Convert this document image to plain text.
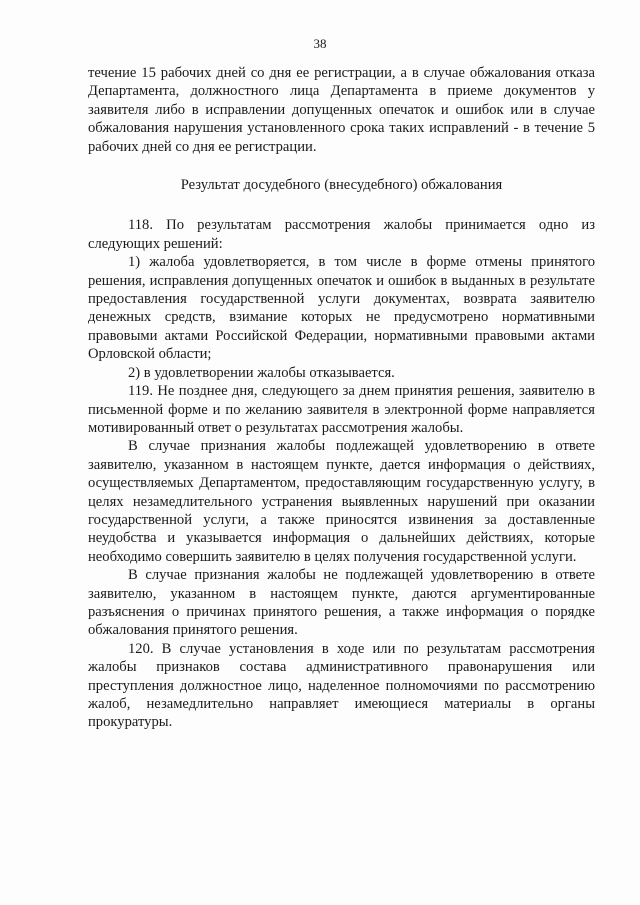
38

течение 15 рабочих дней со дня ее регистрации, а в случае обжалования отказа Департамента, должностного лица Департамента в приеме документов у заявителя либо в исправлении допущенных опечаток и ошибок или в случае обжалования нарушения установленного срока таких исправлений - в течение 5 рабочих дней со дня ее регистрации.

Результат досудебного (внесудебного) обжалования

118. По результатам рассмотрения жалобы принимается одно из следующих решений:

1) жалоба удовлетворяется, в том числе в форме отмены принятого решения, исправления допущенных опечаток и ошибок в выданных в результате предоставления государственной услуги документах, возврата заявителю денежных средств, взимание которых не предусмотрено нормативными правовыми актами Российской Федерации, нормативными правовыми актами Орловской области;

2) в удовлетворении жалобы отказывается.

119. Не позднее дня, следующего за днем принятия решения, заявителю в письменной форме и по желанию заявителя в электронной форме направляется мотивированный ответ о результатах рассмотрения жалобы.

В случае признания жалобы подлежащей удовлетворению в ответе заявителю, указанном в настоящем пункте, дается информация о действиях, осуществляемых Департаментом, предоставляющим государственную услугу, в целях незамедлительного устранения выявленных нарушений при оказании государственной услуги, а также приносятся извинения за доставленные неудобства и указывается информация о дальнейших действиях, которые необходимо совершить заявителю в целях получения государственной услуги.

В случае признания жалобы не подлежащей удовлетворению в ответе заявителю, указанном в настоящем пункте, даются аргументированные разъяснения о причинах принятого решения, а также информация о порядке обжалования принятого решения.

120. В случае установления в ходе или по результатам рассмотрения жалобы признаков состава административного правонарушения или преступления должностное лицо, наделенное полномочиями по рассмотрению жалоб, незамедлительно направляет имеющиеся материалы в органы прокуратуры.
